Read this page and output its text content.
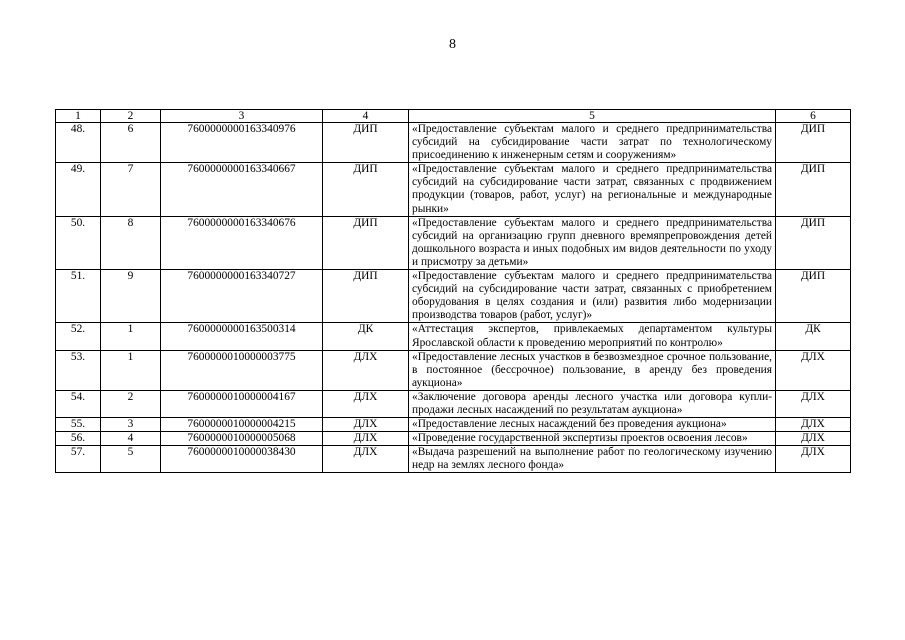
8
1	2	3	4	5	6
48.	6	7600000000163340976	ДИП	«Предоставление субъектам малого и среднего предпринимательства субсидий на субсидирование части затрат по технологическому присоединению к инженерным сетям и сооружениям»	ДИП
49.	7	7600000000163340667	ДИП	«Предоставление субъектам малого и среднего предпринимательства субсидий на субсидирование части затрат, связанных с продвижением продукции (товаров, работ, услуг) на региональные и международные рынки»	ДИП
50.	8	7600000000163340676	ДИП	«Предоставление субъектам малого и среднего предпринимательства субсидий на организацию групп дневного времяпрепровождения детей дошкольного возраста и иных подобных им видов деятельности по уходу и присмотру за детьми»	ДИП
51.	9	7600000000163340727	ДИП	«Предоставление субъектам малого и среднего предпринимательства субсидий на субсидирование части затрат, связанных с приобретением оборудования в целях создания и (или) развития либо модернизации производства товаров (работ, услуг)»	ДИП
52.	1	7600000000163500314	ДК	«Аттестация экспертов, привлекаемых департаментом культуры Ярославской области к проведению мероприятий по контролю»	ДК
53.	1	7600000010000003775	ДЛХ	«Предоставление лесных участков в безвозмездное срочное пользование, в постоянное (бессрочное) пользование, в аренду без проведения аукциона»	ДЛХ
54.	2	7600000010000004167	ДЛХ	«Заключение договора аренды лесного участка или договора купли-продажи лесных насаждений по результатам аукциона»	ДЛХ
55.	3	7600000010000004215	ДЛХ	«Предоставление лесных насаждений без проведения аукциона»	ДЛХ
56.	4	7600000010000005068	ДЛХ	«Проведение государственной экспертизы проектов освоения лесов»	ДЛХ
57.	5	7600000010000038430	ДЛХ	«Выдача разрешений на выполнение работ по геологическому изучению недр на землях лесного фонда»	ДЛХ
